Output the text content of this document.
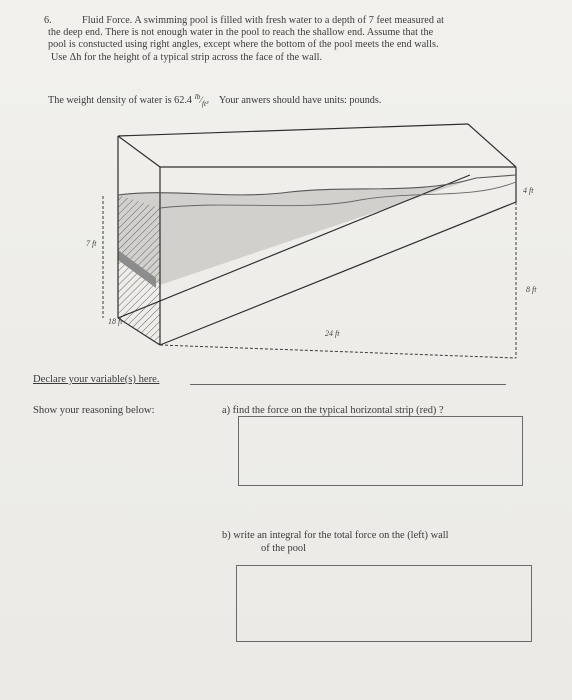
6.	Fluid Force. A swimming pool is filled with fresh water to a depth of 7 feet measured at
the deep end. There is not enough water in the pool to reach the shallow end. Assume that the
pool is constucted using right angles, except where the bottom of the pool meets the end walls.
Use Δh for the height of a typical strip across the face of the wall.
The weight density of water is 62.4 $^{lb}⁄_{ft^3}$ Your anwers should have units: pounds.
7 ft
18 ft
24 ft
4 ft
8 ft
Declare your variable(s) here.
Show your reasoning below:	a) find the force on the typical horizontal strip (red) ?
b) write an integral for the total force on the (left) wall
of the pool
